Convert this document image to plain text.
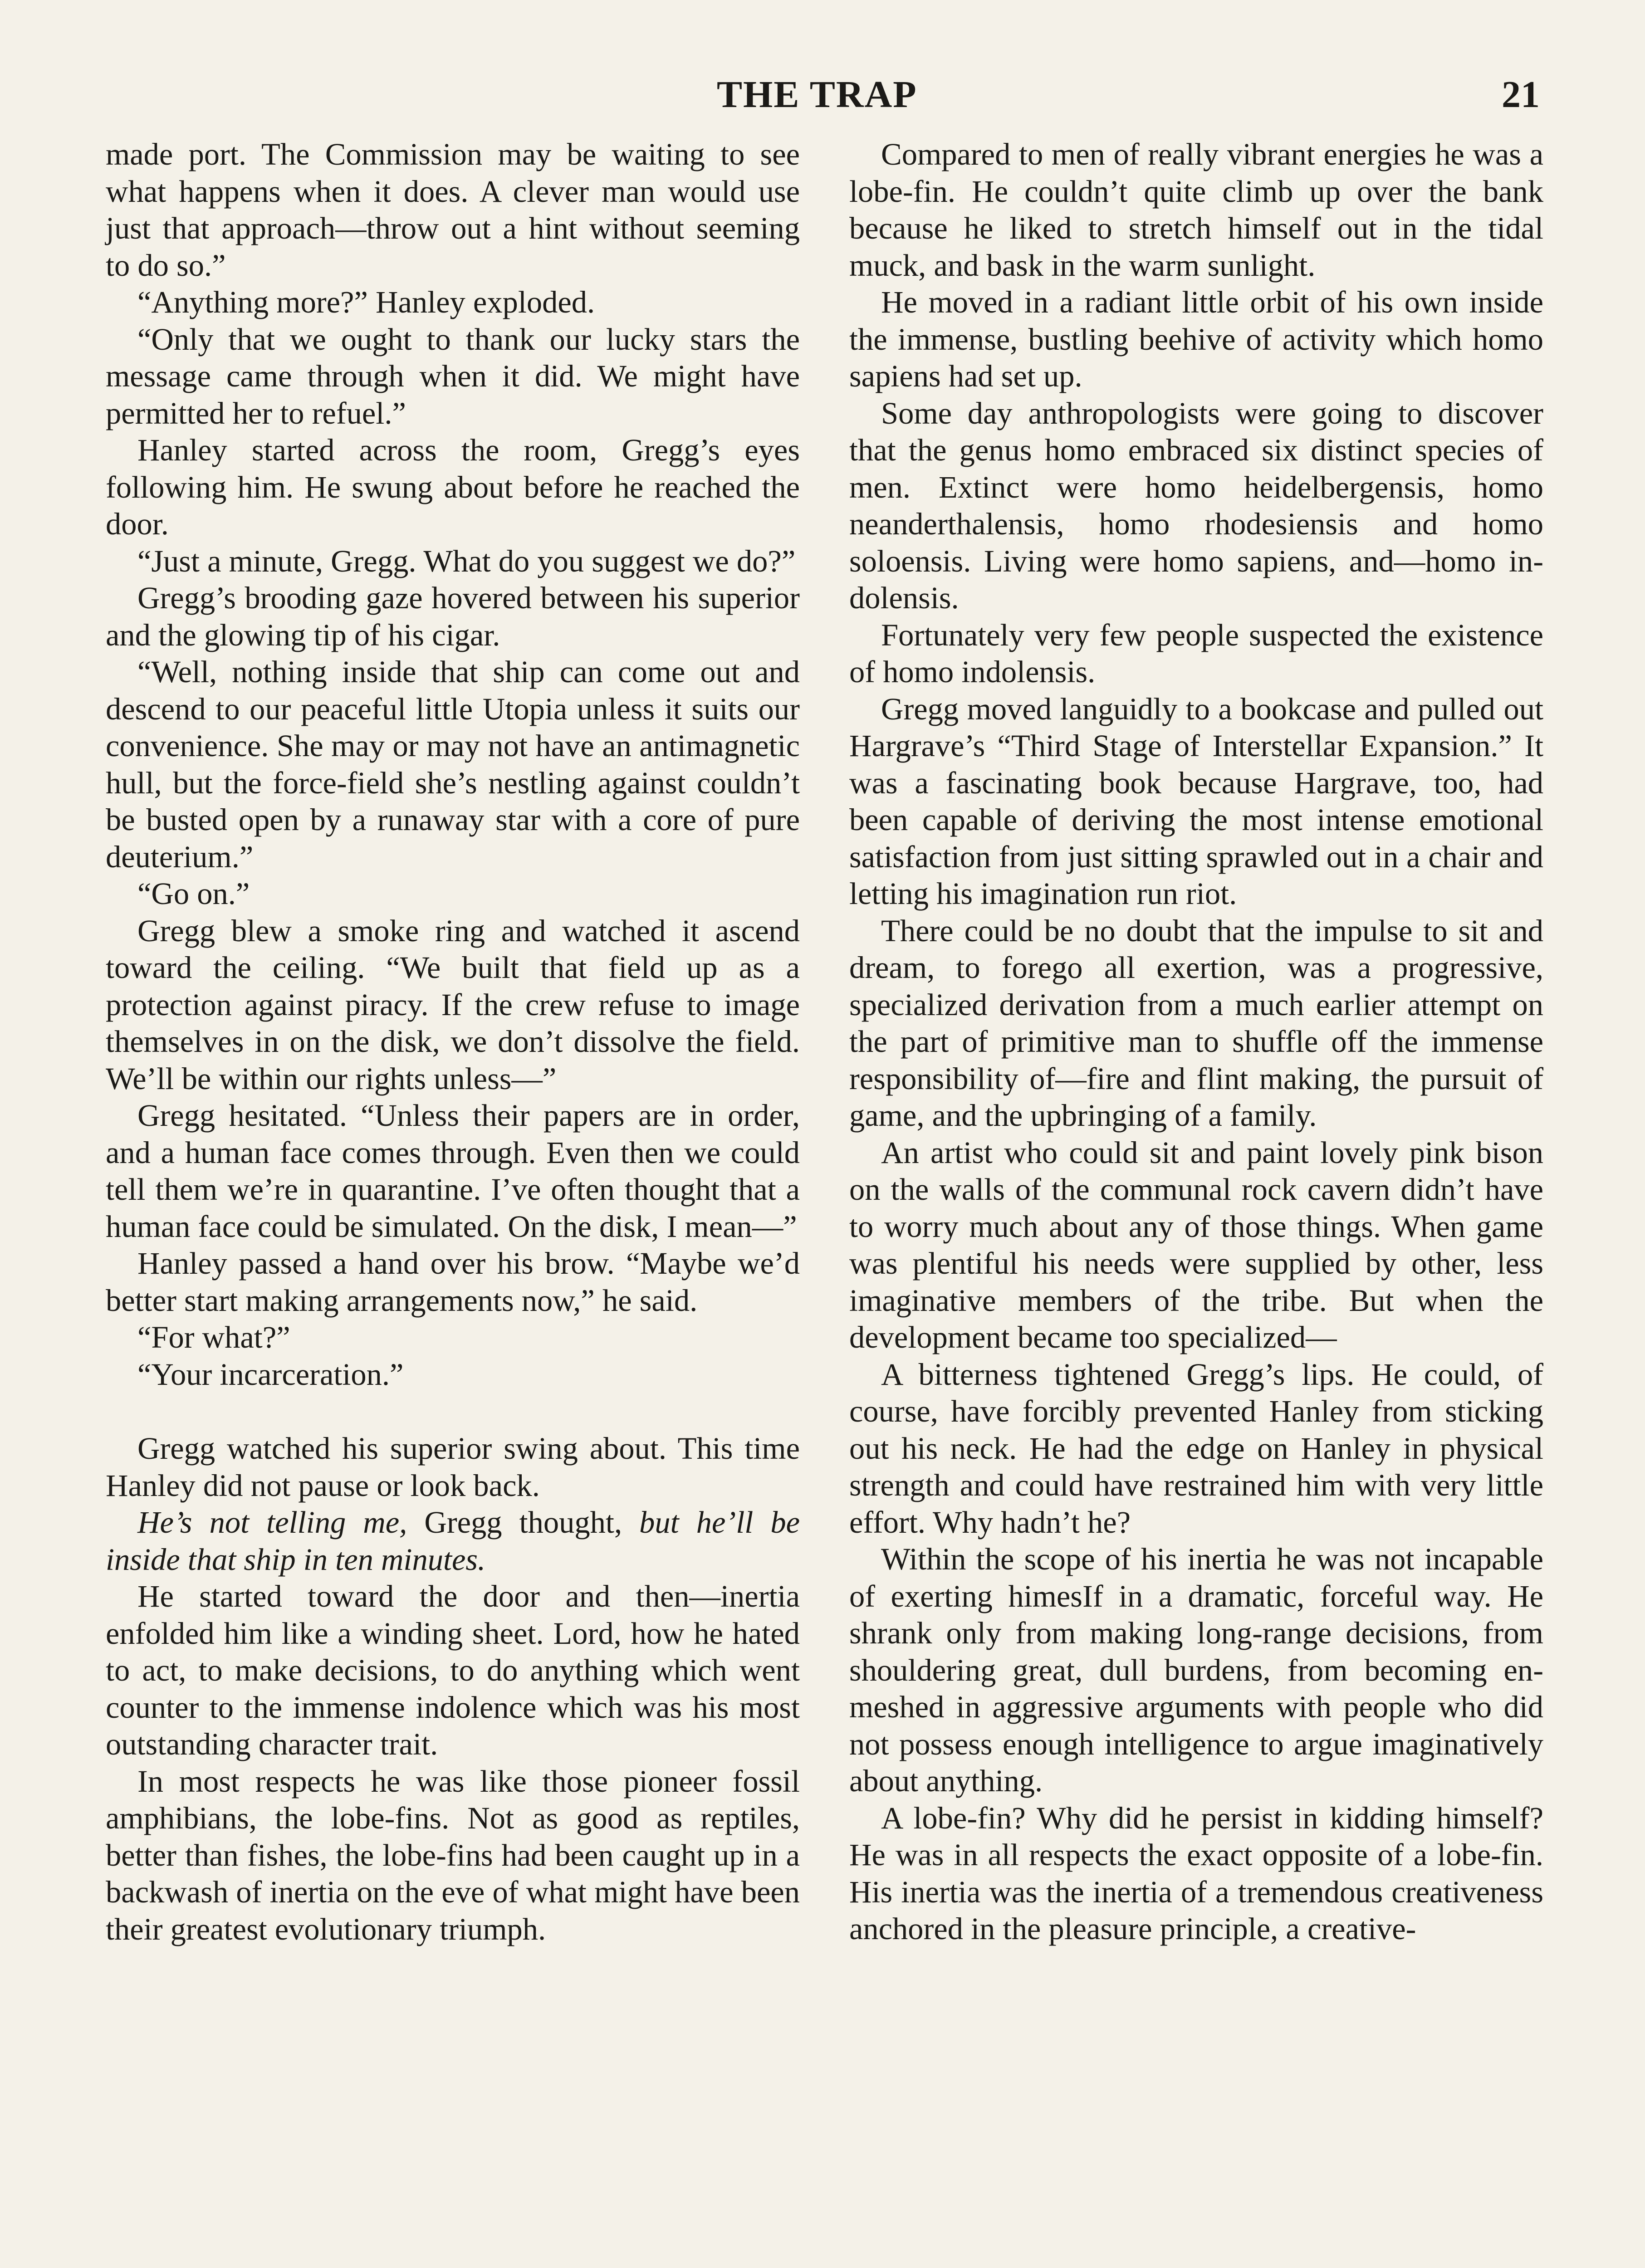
THE TRAP	21

made port. The Commission may be waiting to see what happens when it does. A clever man would use just that approach—throw out a hint without seeming to do so.”

“Anything more?” Hanley exploded.

“Only that we ought to thank our lucky stars the message came through when it did. We might have permitted her to refuel.”

Hanley started across the room, Gregg’s eyes following him. He swung about before he reached the door.

“Just a minute, Gregg. What do you suggest we do?”

Gregg’s brooding gaze hovered between his superior and the glowing tip of his cigar.

“Well, nothing inside that ship can come out and descend to our peaceful little Utopia unless it suits our convenience. She may or may not have an antimagnetic hull, but the force-field she’s nestling against couldn’t be busted open by a runaway star with a core of pure deuterium.”

“Go on.”

Gregg blew a smoke ring and watched it ascend toward the ceiling. “We built that field up as a protection against piracy. If the crew refuse to image themselves in on the disk, we don’t dissolve the field. We’ll be within our rights unless—”

Gregg hesitated. “Unless their papers are in order, and a human face comes through. Even then we could tell them we’re in quarantine. I’ve often thought that a human face could be simulated. On the disk, I mean—”

Hanley passed a hand over his brow. “Maybe we’d better start making arrangements now,” he said.

“For what?”

“Your incarceration.”

Gregg watched his superior swing about. This time Hanley did not pause or look back.

He’s not telling me, Gregg thought, but he’ll be inside that ship in ten minutes.

He started toward the door and then—inertia enfolded him like a winding sheet. Lord, how he hated to act, to make decisions, to do anything which went counter to the immense indolence which was his most outstanding character trait.

In most respects he was like those pioneer fossil amphibians, the lobe-fins. Not as good as reptiles, better than fishes, the lobe-fins had been caught up in a backwash of inertia on the eve of what might have been their greatest evolutionary triumph.

Compared to men of really vibrant energies he was a lobe-fin. He couldn’t quite climb up over the bank because he liked to stretch himself out in the tidal muck, and bask in the warm sunlight.

He moved in a radiant little orbit of his own inside the immense, bustling beehive of activity which homo sapiens had set up.

Some day anthropologists were going to discover that the genus homo embraced six distinct species of men. Extinct were homo heidelbergensis, homo neanderthalensis, homo rhodesiensis and homo soloensis. Living were homo sapiens, and—homo indolensis.

Fortunately very few people suspected the existence of homo indolensis.

Gregg moved languidly to a bookcase and pulled out Hargrave’s “Third Stage of Interstellar Expansion.” It was a fascinating book because Hargrave, too, had been capable of deriving the most intense emotional satisfaction from just sitting sprawled out in a chair and letting his imagination run riot.

There could be no doubt that the impulse to sit and dream, to forego all exertion, was a progressive, specialized derivation from a much earlier attempt on the part of primitive man to shuffle off the immense responsibility of—fire and flint making, the pursuit of game, and the upbringing of a family.

An artist who could sit and paint lovely pink bison on the walls of the communal rock cavern didn’t have to worry much about any of those things. When game was plentiful his needs were supplied by other, less imaginative members of the tribe. But when the development became too specialized—

A bitterness tightened Gregg’s lips. He could, of course, have forcibly prevented Hanley from sticking out his neck. He had the edge on Hanley in physical strength and could have restrained him with very little effort. Why hadn’t he?

Within the scope of his inertia he was not incapable of exerting himesIf in a dramatic, forceful way. He shrank only from making long-range decisions, from shouldering great, dull burdens, from becoming enmeshed in aggressive arguments with people who did not possess enough intelligence to argue imaginatively about anything.

A lobe-fin? Why did he persist in kidding himself? He was in all respects the exact opposite of a lobe-fin. His inertia was the inertia of a tremendous creativeness anchored in the pleasure principle, a creative-
